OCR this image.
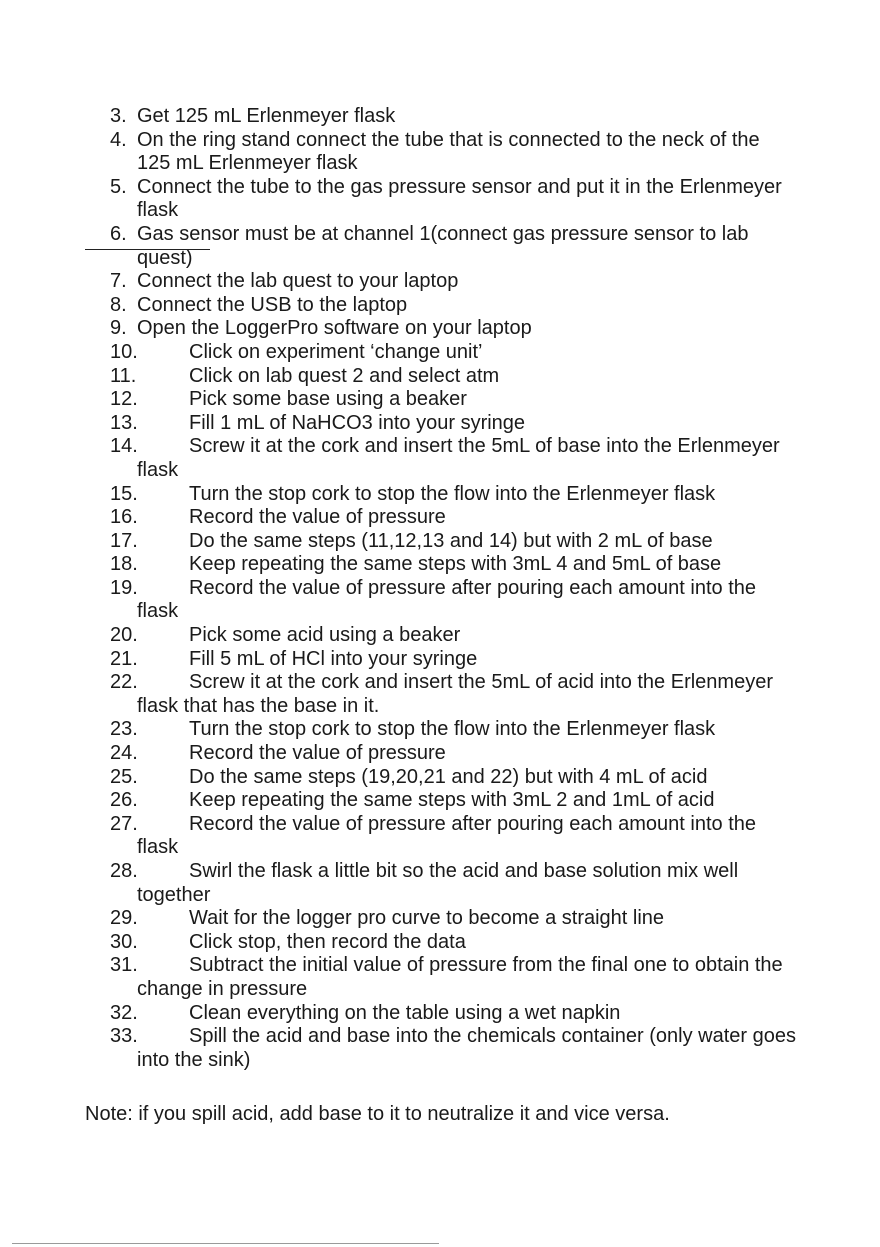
3. Get 125 mL Erlenmeyer flask
4. On the ring stand connect the tube that is connected to the neck of the 125 mL Erlenmeyer flask
5. Connect the tube to the gas pressure sensor and put it in the Erlenmeyer flask
6. Gas sensor must be at channel 1(connect gas pressure sensor to lab quest)
7. Connect the lab quest to your laptop
8. Connect the USB to the laptop
9. Open the LoggerPro software on your laptop
10.	Click on experiment ‘change unit’
11.	Click on lab quest 2 and select atm
12.	Pick some base using a beaker
13.	Fill 1 mL of NaHCO3 into your syringe
14.	Screw it at the cork and insert the 5mL of base into the Erlenmeyer flask
15.	Turn the stop cork to stop the flow into the Erlenmeyer flask
16.	Record the value of pressure
17.	Do the same steps (11,12,13 and 14) but with 2 mL of base
18.	Keep repeating the same steps with 3mL 4 and 5mL of base
19.	Record the value of pressure after pouring each amount into the flask
20.	Pick some acid using a beaker
21.	Fill 5 mL of HCl into your syringe
22.	Screw it at the cork and insert the 5mL of acid into the Erlenmeyer flask that has the base in it.
23.	Turn the stop cork to stop the flow into the Erlenmeyer flask
24.	Record the value of pressure
25.	Do the same steps (19,20,21 and 22) but with 4 mL of acid
26.	Keep repeating the same steps with 3mL 2 and 1mL of acid
27.	Record the value of pressure after pouring each amount into the flask
28.	Swirl the flask a little bit so the acid and base solution mix well together
29.	Wait for the logger pro curve to become a straight line
30.	Click stop, then record the data
31.	Subtract the initial value of pressure from the final one to obtain the change in pressure
32.	Clean everything on the table using a wet napkin
33.	Spill the acid and base into the chemicals container (only water goes into the sink)
Note: if you spill acid, add base to it to neutralize it and vice versa.
